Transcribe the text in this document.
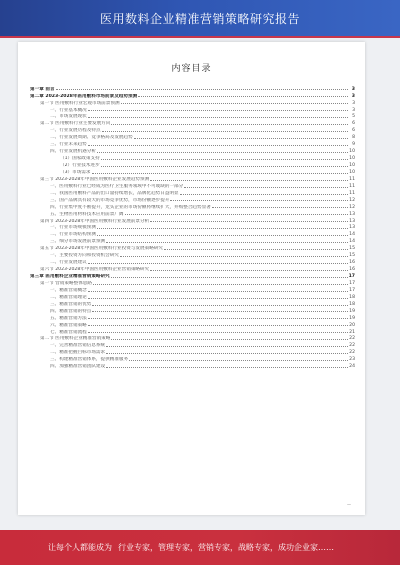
医用数料企业精准营销策略研究报告
内容目录
第一章 前言	3
第二章 2023-2028年医用敷料市场前景及趋势预测	3
第一节 医用敷料行业宏观市场前景预测	3
一、行业基本概况	3
二、市场发展现状	5
第二节 医用敷料行业主要发展方向	6
一、行业发展历程及特点	6
二、行业发展周期、竞争格局及发展趋势	8
三、行业未来趋势	9
四、行业发展机遇分析	10
（1）国家政策支持	10
（2）行业技术进步	10
（3）市场需求	10
第三节 2023-2028年中国医用敷料企业发展趋势预测	11
一、医用敷料行业已经成为医疗卫生服务领域中不可或缺的一部分	11
二、我国医用敷料产品的出口量持续增长，品牌化趋势日益明显	11
三、国产品牌具有较大的市场竞争优势，市场份额逐步提升	12
四、行业集中度不断提升，龙头企业的市场份额将继续扩大，并购整合趋势显著	12
五、生物医用材料技术应用前景广阔	13
第四节 2023-2028年中国医用敷料行业发展前景分析	13
一、行业市场规模预测	13
二、行业市场结构预测	14
三、细分市场发展前景预测	14
第五节 2023-2028年中国医用敷料行业投资与发展策略研究	15
一、主要投资方向和投资机会研究	15
二、行业发展建议	16
第六节 2023-2028年中国医用敷料企业营销策略研究	16
第三章 医用敷料企业精准营销策略研究	17
第一节 营销策略整体思路	17
一、精准营销概念	17
二、精准营销理论	18
三、精准营销的优势	18
四、精准营销的特点	19
五、精准营销方法	19
六、精准营销策略	20
七、精准营销流程	21
第二节 医用敷料企业精准营销策略	22
一、完善精准营销信息系统	22
二、精准把握目标市场需求	22
三、构建精准营销体系，提供精准服务	23
四、加强精准营销团队建设	24
—
让每个人都能成为 行业专家，管理专家，营销专家，战略专家，成功企业家……
